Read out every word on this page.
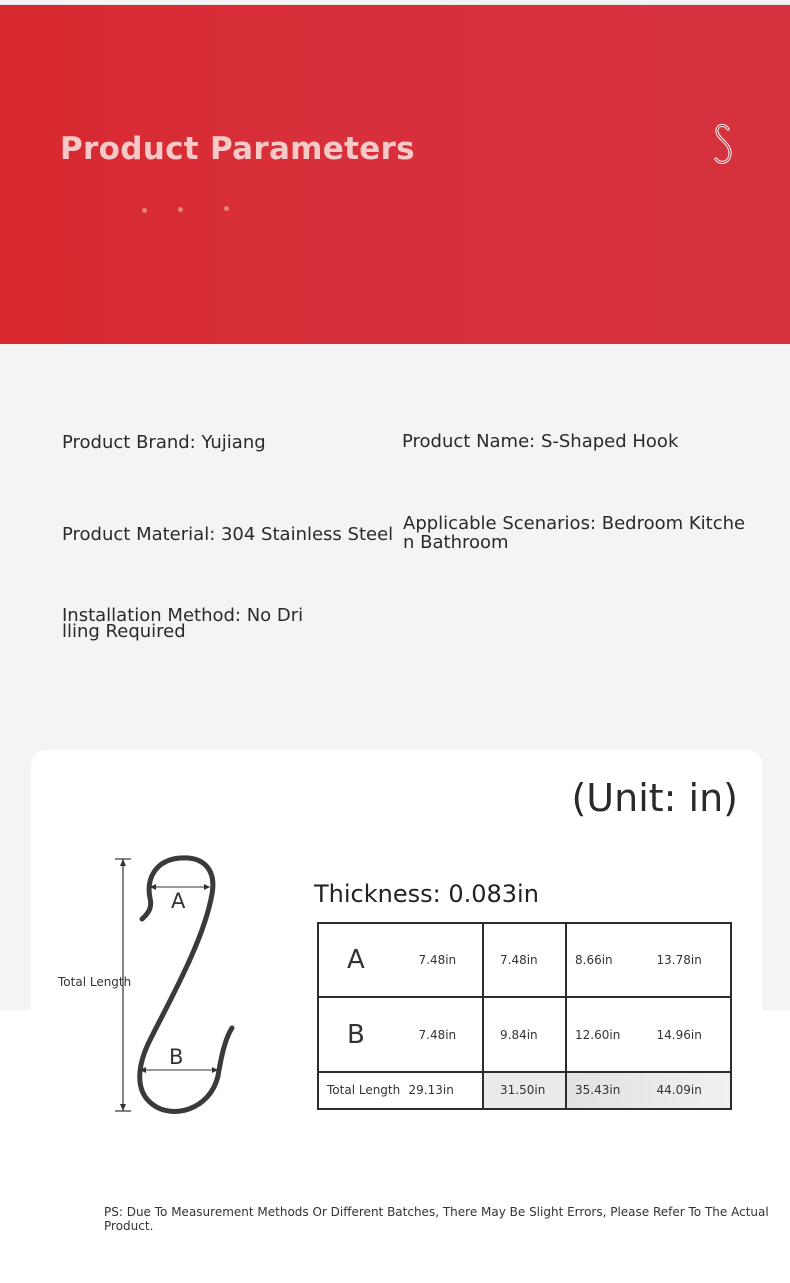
Product Parameters
Product Brand: Yujiang	Product Name: S-Shaped Hook
Product Material: 304 Stainless Steel
Applicable Scenarios: Bedroom Kitche
n Bathroom
Installation Method: No Dri
lling Required
(Unit: in)
A
B
Total Length
Thickness: 0.083in
A 7.48in	7.48in	8.66in 13.78in

B 7.48in	9.84in	12.60in 14.96in

Total Length 29.13in	31.50in	35.43in 44.09in
PS: Due To Measurement Methods Or Different Batches, There May Be Slight Errors, Please Refer To The Actual Product.
